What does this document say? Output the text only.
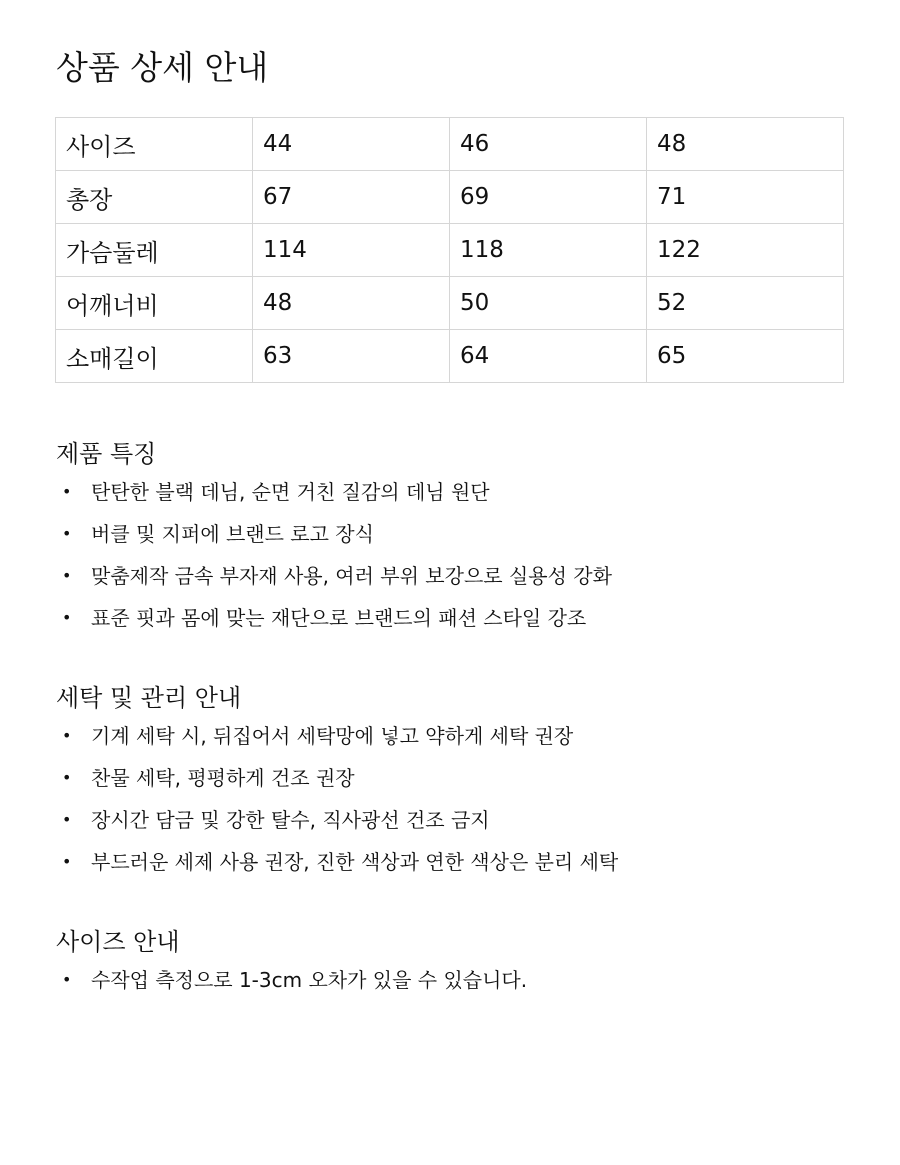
상품 상세 안내
사이즈	44	46	48
총장	67	69	71
가슴둘레	114	118	122
어깨너비	48	50	52
소매길이	63	64	65
제품 특징
• 탄탄한 블랙 데님, 순면 거친 질감의 데님 원단
• 버클 및 지퍼에 브랜드 로고 장식
• 맞춤제작 금속 부자재 사용, 여러 부위 보강으로 실용성 강화
• 표준 핏과 몸에 맞는 재단으로 브랜드의 패션 스타일 강조
세탁 및 관리 안내
• 기계 세탁 시, 뒤집어서 세탁망에 넣고 약하게 세탁 권장
• 찬물 세탁, 평평하게 건조 권장
• 장시간 담금 및 강한 탈수, 직사광선 건조 금지
• 부드러운 세제 사용 권장, 진한 색상과 연한 색상은 분리 세탁
사이즈 안내
• 수작업 측정으로 1-3cm 오차가 있을 수 있습니다.
